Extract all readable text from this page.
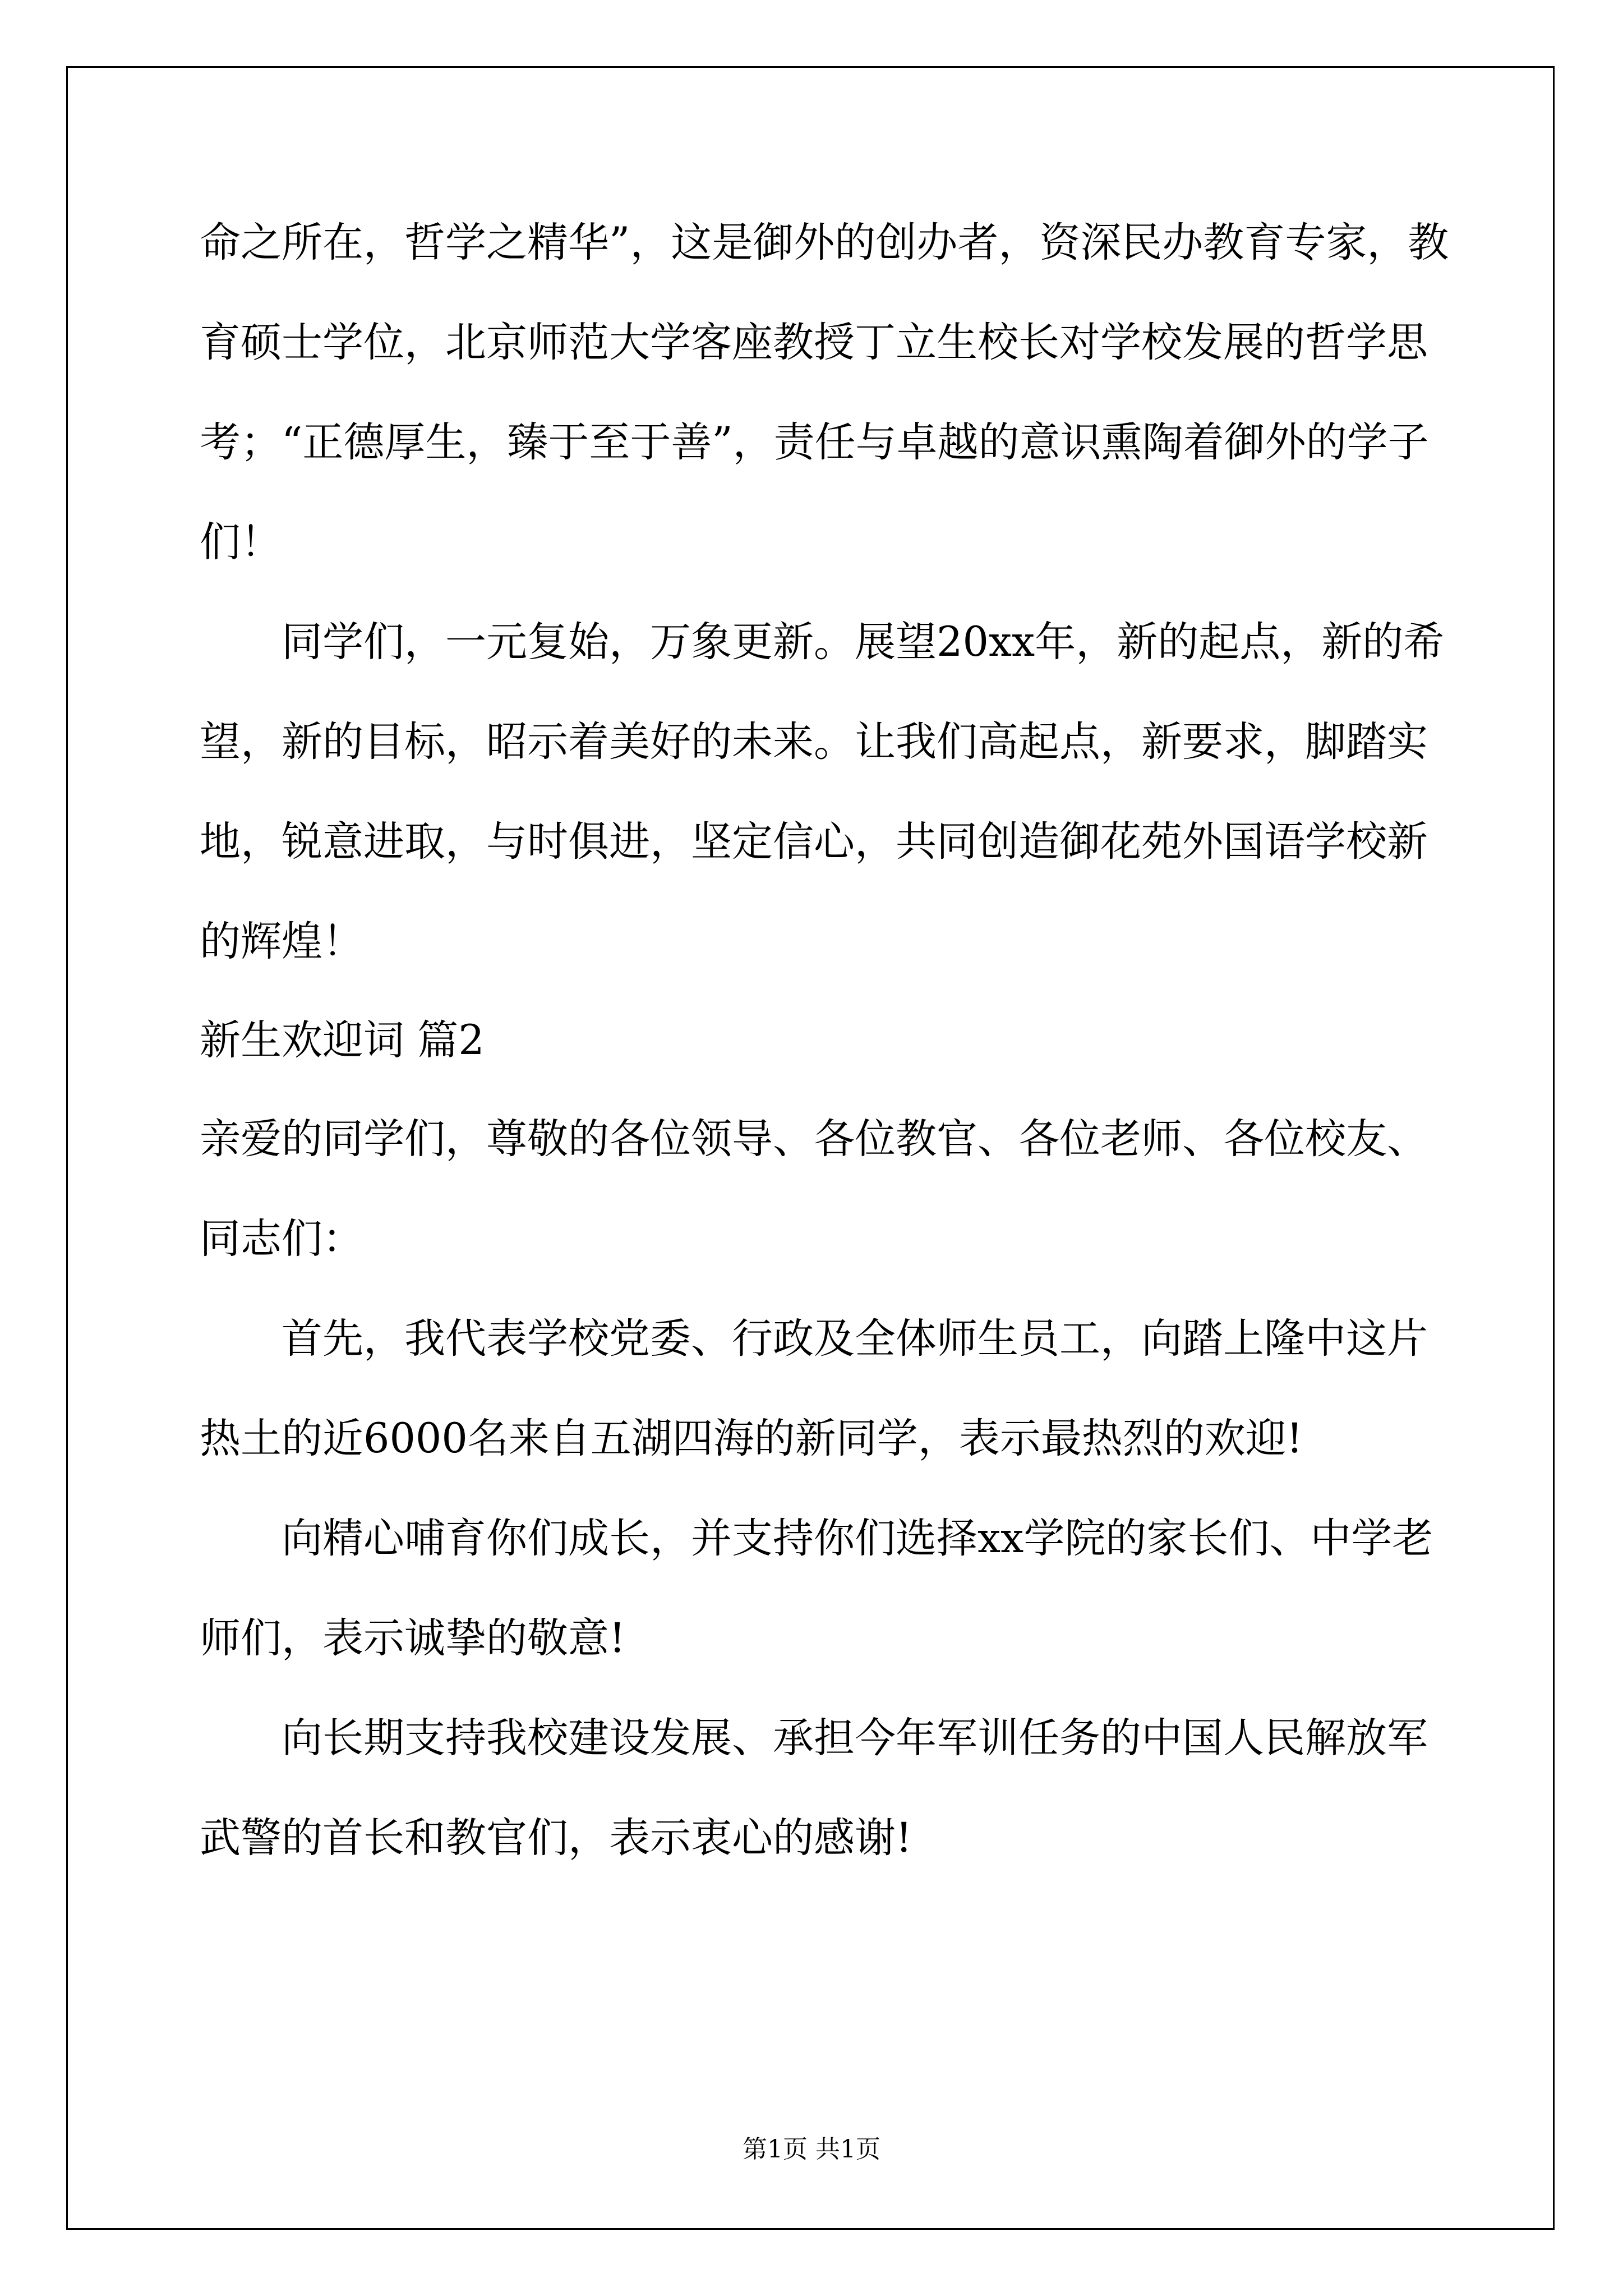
命之所在，哲学之精华”，这是御外的创办者，资深民办教育专家，教
育硕士学位，北京师范大学客座教授丁立生校长对学校发展的哲学思
考；“正德厚生，臻于至于善”，责任与卓越的意识熏陶着御外的学子
们！
同学们，一元复始，万象更新。展望20xx年，新的起点，新的希
望，新的目标，昭示着美好的未来。让我们高起点，新要求，脚踏实
地，锐意进取，与时俱进，坚定信心，共同创造御花苑外国语学校新
的辉煌！
新生欢迎词 篇2
亲爱的同学们，尊敬的各位领导、各位教官、各位老师、各位校友、
同志们：
首先，我代表学校党委、行政及全体师生员工，向踏上隆中这片
热土的近6000名来自五湖四海的新同学，表示最热烈的欢迎!
向精心哺育你们成长，并支持你们选择xx学院的家长们、中学老
师们，表示诚挚的敬意!
向长期支持我校建设发展、承担今年军训任务的中国人民解放军
武警的首长和教官们，表示衷心的感谢!
第1页 共1页
